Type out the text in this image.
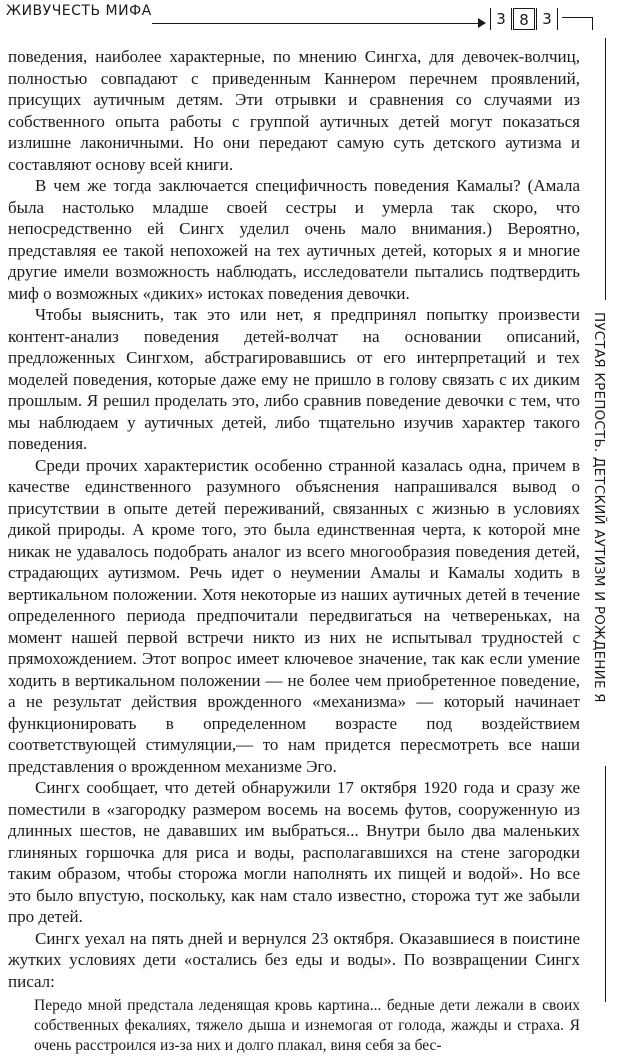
ЖИВУЧЕСТЬ МИФА	3 8 3

поведения, наиболее характерные, по мнению Сингха, для девочек-волчиц, полностью совпадают с приведенным Каннером перечнем проявлений, присущих аутичным детям. Эти отрывки и сравнения со случаями из собственного опыта работы с группой аутичных детей могут показаться излишне лаконичными. Но они передают самую суть детского аутизма и составляют основу всей книги.

В чем же тогда заключается специфичность поведения Камалы? (Амала была настолько младше своей сестры и умерла так скоро, что непосредственно ей Сингх уделил очень мало внимания.) Вероятно, представляя ее такой непохожей на тех аутичных детей, которых я и многие другие имели возможность наблюдать, исследователи пытались подтвердить миф о возможных «диких» истоках поведения девочки.

Чтобы выяснить, так это или нет, я предпринял попытку произвести контент-анализ поведения детей-волчат на основании описаний, предложенных Сингхом, абстрагировавшись от его интерпретаций и тех моделей поведения, которые даже ему не пришло в голову связать с их диким прошлым. Я решил проделать это, либо сравнив поведение девочки с тем, что мы наблюдаем у аутичных детей, либо тщательно изучив характер такого поведения.

Среди прочих характеристик особенно странной казалась одна, причем в качестве единственного разумного объяснения напрашивался вывод о присутствии в опыте детей переживаний, связанных с жизнью в условиях дикой природы. А кроме того, это была единственная черта, к которой мне никак не удавалось подобрать аналог из всего многообразия поведения детей, страдающих аутизмом. Речь идет о неумении Амалы и Камалы ходить в вертикальном положении. Хотя некоторые из наших аутичных детей в течение определенного периода предпочитали передвигаться на четвереньках, на момент нашей первой встречи никто из них не испытывал трудностей с прямохождением. Этот вопрос имеет ключевое значение, так как если умение ходить в вертикальном положении — не более чем приобретенное поведение, а не результат действия врожденного «механизма» — который начинает функционировать в определенном возрасте под воздействием соответствующей стимуляции,— то нам придется пересмотреть все наши представления о врожденном механизме Эго.

Сингх сообщает, что детей обнаружили 17 октября 1920 года и сразу же поместили в «загородку размером восемь на восемь футов, сооруженную из длинных шестов, не дававших им выбраться... Внутри было два маленьких глиняных горшочка для риса и воды, располагавшихся на стене загородки таким образом, чтобы сторожа могли наполнять их пищей и водой». Но все это было впустую, поскольку, как нам стало известно, сторожа тут же забыли про детей.

Сингх уехал на пять дней и вернулся 23 октября. Оказавшиеся в поистине жутких условиях дети «остались без еды и воды». По возвращении Сингх писал:

Передо мной предстала леденящая кровь картина... бедные дети лежали в своих собственных фекалиях, тяжело дыша и изнемогая от голода, жажды и страха. Я очень расстроился из-за них и долго плакал, виня себя за бес-

ПУСТАЯ КРЕПОСТЬ. ДЕТСКИЙ АУТИЗМ И РОЖДЕНИЕ Я
